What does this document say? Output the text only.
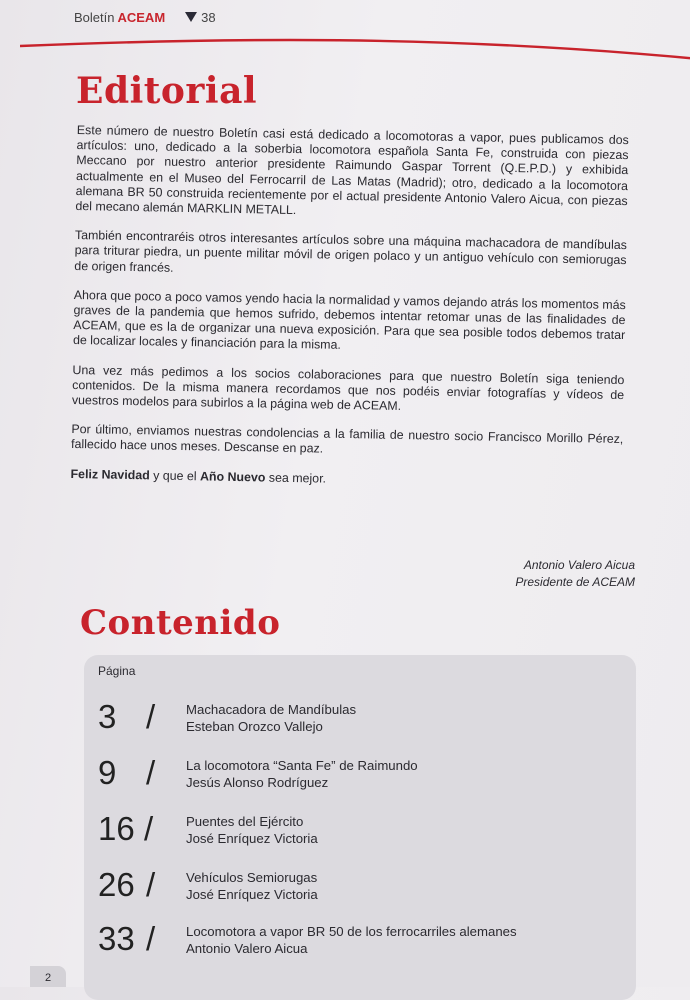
Boletín ACEAM	38
Editorial

Este número de nuestro Boletín casi está dedicado a locomotoras a vapor, pues publicamos dos artículos: uno, dedicado a la soberbia locomotora española Santa Fe, construida con piezas Meccano por nuestro anterior presidente Raimundo Gaspar Torrent (Q.E.P.D.) y exhibida actualmente en el Museo del Ferrocarril de Las Matas (Madrid); otro, dedicado a la locomotora alemana BR 50 construida recientemente por el actual presidente Antonio Valero Aicua, con piezas del mecano alemán MARKLIN METALL.

También encontraréis otros interesantes artículos sobre una máquina machacadora de mandíbulas para triturar piedra, un puente militar móvil de origen polaco y un antiguo vehículo con semiorugas de origen francés.

Ahora que poco a poco vamos yendo hacia la normalidad y vamos dejando atrás los momentos más graves de la pandemia que hemos sufrido, debemos intentar retomar unas de las finalidades de ACEAM, que es la de organizar una nueva exposición. Para que sea posible todos debemos tratar de localizar locales y financiación para la misma.

Una vez más pedimos a los socios colaboraciones para que nuestro Boletín siga teniendo contenidos. De la misma manera recordamos que nos podéis enviar fotografías y vídeos de vuestros modelos para subirlos a la página web de ACEAM.

Por último, enviamos nuestras condolencias a la familia de nuestro socio Francisco Morillo Pérez, fallecido hace unos meses. Descanse en paz.

Feliz Navidad y que el Año Nuevo sea mejor.

Antonio Valero Aicua
Presidente de ACEAM
Contenido
Página
3 / Machacadora de Mandíbulas
Esteban Orozco Vallejo
9 / La locomotora “Santa Fe” de Raimundo
Jesús Alonso Rodríguez
16 / Puentes del Ejército
José Enríquez Victoria
26 / Vehículos Semiorugas
José Enríquez Victoria
33 / Locomotora a vapor BR 50 de los ferrocarriles alemanes
Antonio Valero Aicua
2
